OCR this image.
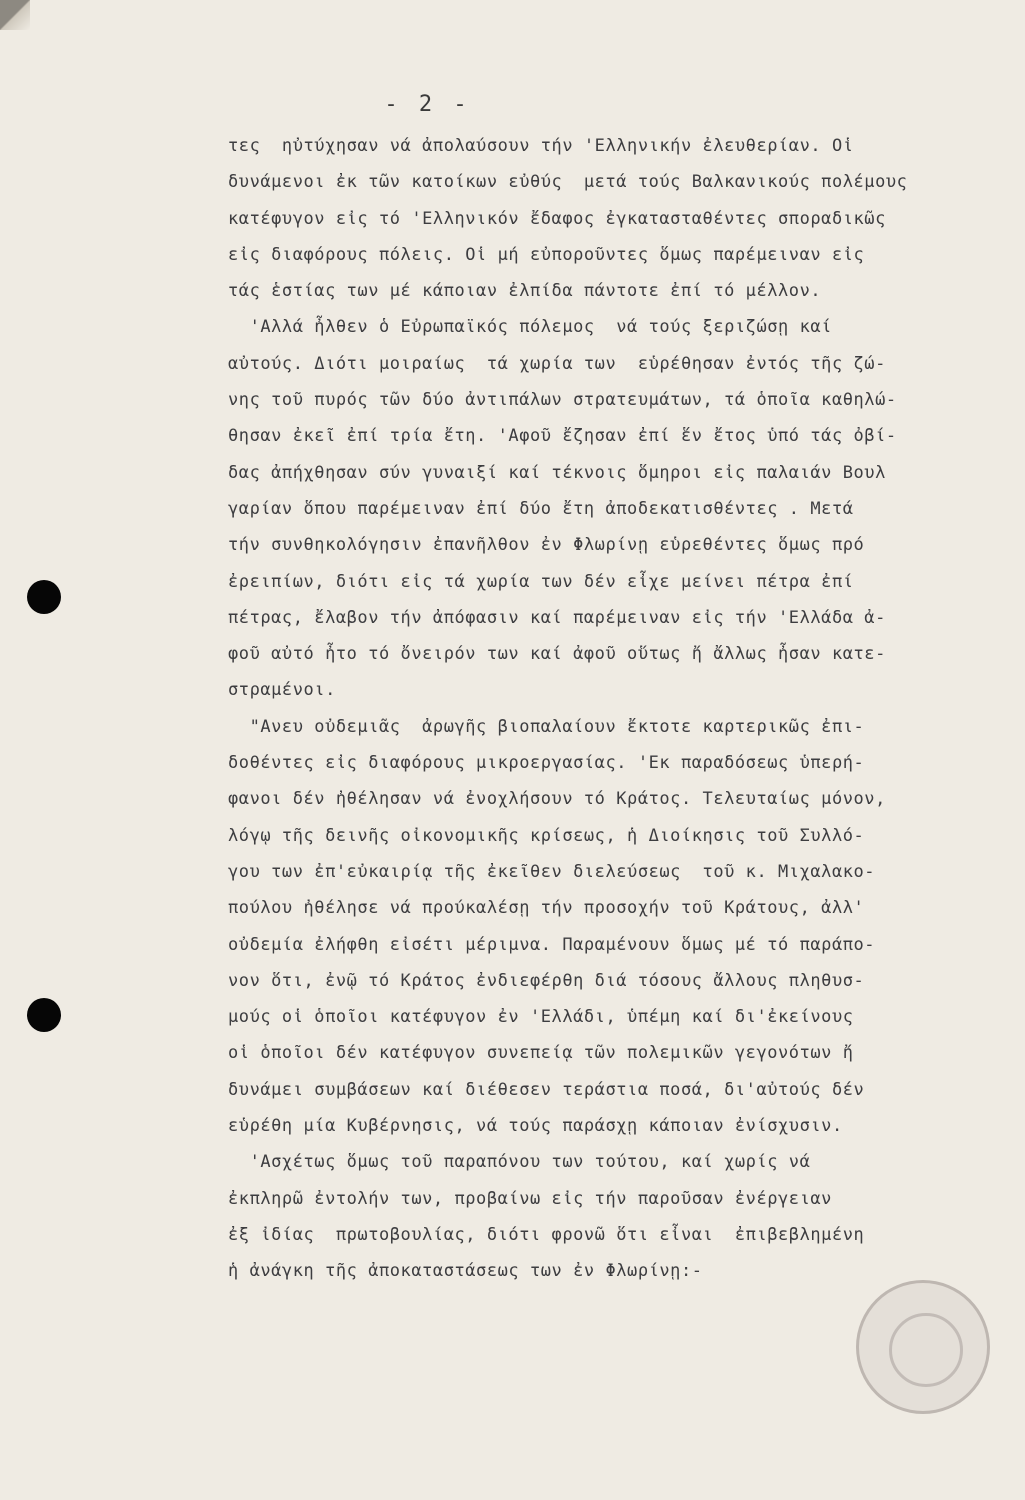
- 2 -
τες  ηὐτύχησαν νά ἀπολαύσουν τήν 'Ελληνικήν ἐλευθερίαν. Οἱ
δυνάμενοι ἐκ τῶν κατοίκων εὐθύς  μετά τούς Βαλκανικούς πολέμους
κατέφυγον εἰς τό 'Ελληνικόν ἔδαφος ἐγκατασταθέντες σποραδικῶς
εἰς διαφόρους πόλεις. Οἱ μή εὐποροῦντες ὅμως παρέμειναν εἰς
τάς ἑστίας των μέ κάποιαν ἐλπίδα πάντοτε ἐπί τό μέλλον.
'Αλλά ἦλθεν ὁ Εὐρωπαϊκός πόλεμος  νά τούς ξεριζώσῃ καί
αὐτούς. Διότι μοιραίως  τά χωρία των  εὑρέθησαν ἐντός τῆς ζώ-
νης τοῦ πυρός τῶν δύο ἀντιπάλων στρατευμάτων, τά ὁποῖα καθηλώ-
θησαν ἐκεῖ ἐπί τρία ἔτη. 'Αφοῦ ἔζησαν ἐπί ἕν ἔτος ὑπό τάς ὀβί-
δας ἀπήχθησαν σύν γυναιξί καί τέκνοις ὅμηροι εἰς παλαιάν Βουλ
γαρίαν ὅπου παρέμειναν ἐπί δύο ἔτη ἀποδεκατισθέντες . Μετά
τήν συνθηκολόγησιν ἐπανῆλθον ἐν Φλωρίνῃ εὑρεθέντες ὅμως πρό
ἐρειπίων, διότι εἰς τά χωρία των δέν εἶχε μείνει πέτρα ἐπί
πέτρας, ἔλαβον τήν ἀπόφασιν καί παρέμειναν εἰς τήν 'Ελλάδα ἀ-
φοῦ αὐτό ἦτο τό ὄνειρόν των καί ἀφοῦ οὕτως ἤ ἄλλως ἦσαν κατε-
στραμένοι.
"Ανευ οὐδεμιᾶς  ἀρωγῆς βιοπαλαίουν ἔκτοτε καρτερικῶς ἐπι-
δοθέντες εἰς διαφόρους μικροεργασίας. 'Εκ παραδόσεως ὑπερή-
φανοι δέν ἠθέλησαν νά ἐνοχλήσουν τό Κράτος. Τελευταίως μόνον,
λόγῳ τῆς δεινῆς οἰκονομικῆς κρίσεως, ἡ Διοίκησις τοῦ Συλλό-
γου των ἐπ'εὐκαιρίᾳ τῆς ἐκεῖθεν διελεύσεως  τοῦ κ. Μιχαλακο-
πούλου ἠθέλησε νά προύκαλέσῃ τήν προσοχήν τοῦ Κράτους, ἀλλ'
οὐδεμία ἐλήφθη εἰσέτι μέριμνα. Παραμένουν ὅμως μέ τό παράπο-
νον ὅτι, ἐνῷ τό Κράτος ἐνδιεφέρθη διά τόσους ἄλλους πληθυσ-
μούς οἱ ὁποῖοι κατέφυγον ἐν 'Ελλάδι, ὑπέμη καί δι'ἐκείνους
οἱ ὁποῖοι δέν κατέφυγον συνεπείᾳ τῶν πολεμικῶν γεγονότων ἤ
δυνάμει συμβάσεων καί διέθεσεν τεράστια ποσά, δι'αὐτούς δέν
εὑρέθη μία Κυβέρνησις, νά τούς παράσχῃ κάποιαν ἐνίσχυσιν.
'Ασχέτως ὅμως τοῦ παραπόνου των τούτου, καί χωρίς νά
ἐκπληρῶ ἐντολήν των, προβαίνω εἰς τήν παροῦσαν ἐνέργειαν
ἐξ ἰδίας  πρωτοβουλίας, διότι φρονῶ ὅτι εἶναι  ἐπιβεβλημένη
ἡ ἀνάγκη τῆς ἀποκαταστάσεως των ἐν Φλωρίνῃ:-
